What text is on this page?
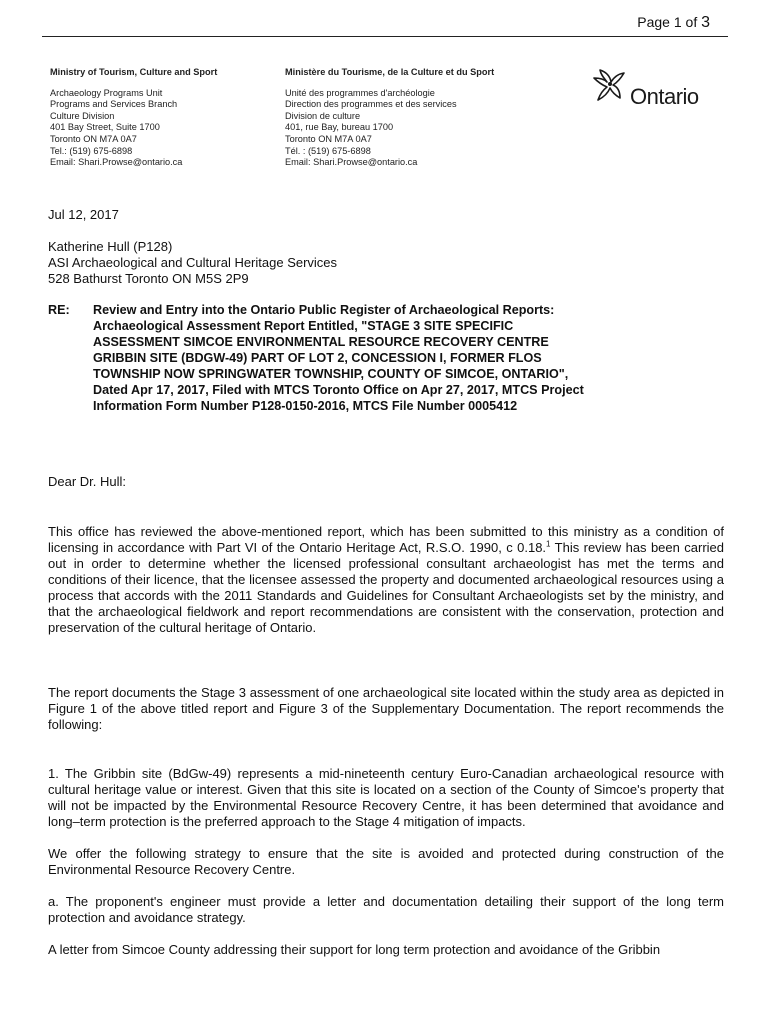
Page 1 of 3
Ministry of Tourism, Culture and Sport
Archaeology Programs Unit
Programs and Services Branch
Culture Division
401 Bay Street, Suite 1700
Toronto ON M7A 0A7
Tel.: (519) 675-6898
Email: Shari.Prowse@ontario.ca
Ministère du Tourisme, de la Culture et du Sport
Unité des programmes d'archéologie
Direction des programmes et des services
Division de culture
401, rue Bay, bureau 1700
Toronto ON M7A 0A7
Tél. : (519) 675-6898
Email: Shari.Prowse@ontario.ca
Ontario
Jul 12, 2017
Katherine Hull (P128)
ASI Archaeological and Cultural Heritage Services
528 Bathurst Toronto ON M5S 2P9
RE: Review and Entry into the Ontario Public Register of Archaeological Reports:
Archaeological Assessment Report Entitled, "STAGE 3 SITE SPECIFIC
ASSESSMENT SIMCOE ENVIRONMENTAL RESOURCE RECOVERY CENTRE
GRIBBIN SITE (BDGW-49) PART OF LOT 2, CONCESSION I, FORMER FLOS
TOWNSHIP NOW SPRINGWATER TOWNSHIP, COUNTY OF SIMCOE, ONTARIO",
Dated Apr 17, 2017, Filed with MTCS Toronto Office on Apr 27, 2017, MTCS Project
Information Form Number P128-0150-2016, MTCS File Number 0005412
Dear Dr. Hull:
This office has reviewed the above-mentioned report, which has been submitted to this ministry as a condition of licensing in accordance with Part VI of the Ontario Heritage Act, R.S.O. 1990, c 0.18.$^1$ This review has been carried out in order to determine whether the licensed professional consultant archaeologist has met the terms and conditions of their licence, that the licensee assessed the property and documented archaeological resources using a process that accords with the 2011 Standards and Guidelines for Consultant Archaeologists set by the ministry, and that the archaeological fieldwork and report recommendations are consistent with the conservation, protection and preservation of the cultural heritage of Ontario.
The report documents the Stage 3 assessment of one archaeological site located within the study area as depicted in Figure 1 of the above titled report and Figure 3 of the Supplementary Documentation. The report recommends the following:
1. The Gribbin site (BdGw-49) represents a mid-nineteenth century Euro-Canadian archaeological resource with cultural heritage value or interest. Given that this site is located on a section of the County of Simcoe's property that will not be impacted by the Environmental Resource Recovery Centre, it has been determined that avoidance and long–term protection is the preferred approach to the Stage 4 mitigation of impacts.
We offer the following strategy to ensure that the site is avoided and protected during construction of the Environmental Resource Recovery Centre.
a. The proponent's engineer must provide a letter and documentation detailing their support of the long term protection and avoidance strategy.
A letter from Simcoe County addressing their support for long term protection and avoidance of the Gribbin
